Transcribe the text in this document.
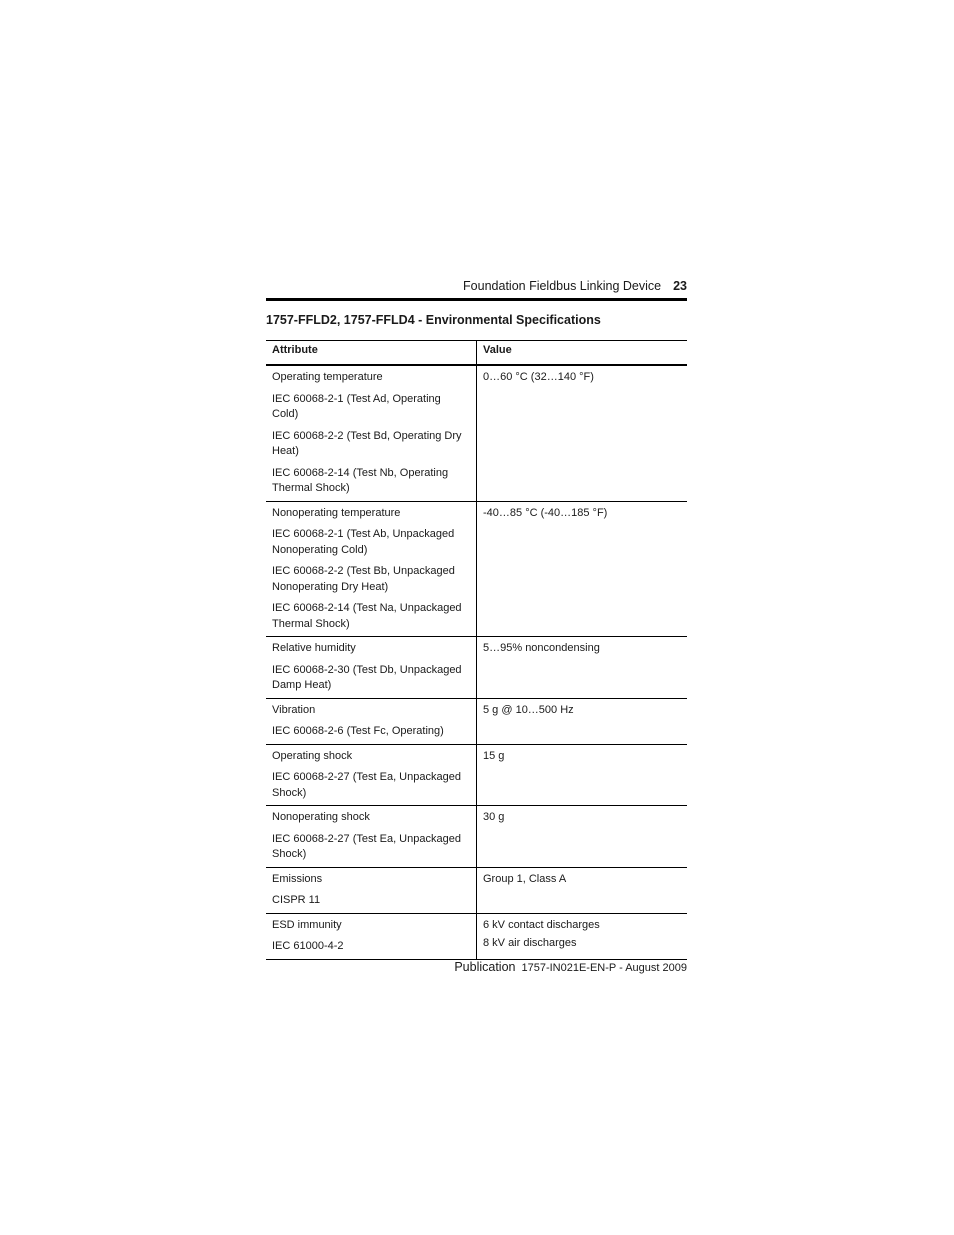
Foundation Fieldbus Linking Device 23
1757-FFLD2, 1757-FFLD4 - Environmental Specifications
Attribute	Value
Operating temperature
IEC 60068-2-1 (Test Ad, Operating Cold)
IEC 60068-2-2 (Test Bd, Operating Dry Heat)
IEC 60068-2-14 (Test Nb, Operating Thermal Shock)
0…60 °C (32…140 °F)
Nonoperating temperature
IEC 60068-2-1 (Test Ab, Unpackaged Nonoperating Cold)
IEC 60068-2-2 (Test Bb, Unpackaged Nonoperating Dry Heat)
IEC 60068-2-14 (Test Na, Unpackaged Thermal Shock)
-40…85 °C (-40…185 °F)
Relative humidity
IEC 60068-2-30 (Test Db, Unpackaged Damp Heat)
5…95% noncondensing
Vibration
IEC 60068-2-6 (Test Fc, Operating)
5 g @ 10…500 Hz
Operating shock
IEC 60068-2-27 (Test Ea, Unpackaged Shock)
15 g
Nonoperating shock
IEC 60068-2-27 (Test Ea, Unpackaged Shock)
30 g
Emissions
CISPR 11
Group 1, Class A
ESD immunity
IEC 61000-4-2
6 kV contact discharges
8 kV air discharges
Publication 1757-IN021E-EN-P - August 2009
